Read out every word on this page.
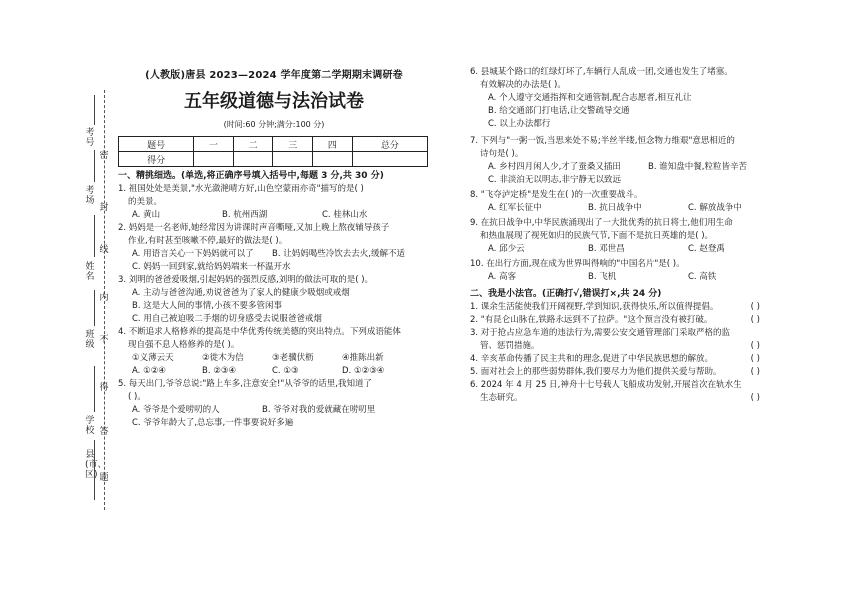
考号
考场
姓名
班级
学校
县(市、区)
密
封
线
内
不
得
答
题
(人教版)唐县 2023—2024 学年度第二学期期末调研卷
五年级道德与法治试卷
(时间:60 分钟;满分:100 分)
题号	一	二	三	四	总分
得分					
一、精挑细选。(单选,将正确序号填入括号中,每题 3 分,共 30 分)
1. 祖国处处是美景,"水光潋滟晴方好,山色空蒙雨亦奇"描写的是( )
的美景。
A. 黄山	B. 杭州西湖	C. 桂林山水
2. 妈妈是一名老师,她经常因为讲课时声音嘶哑,又加上晚上熬夜辅导孩子
作业,有时甚至咳嗽不停,最好的做法是( )。
A. 用语言关心一下妈妈就可以了 B. 让妈妈喝些冷饮去去火,缓解不适
C. 妈妈一回到家,就给妈妈端来一杯温开水
3. 刘明的爸爸爱吸烟,引起妈妈的强烈反感,刘明的做法可取的是( )。
A. 主动与爸爸沟通,劝说爸爸为了家人的健康少吸烟或戒烟
B. 这是大人间的事情,小孩不要多管闲事
C. 用自己被迫吸二手烟的切身感受去说服爸爸戒烟
4. 不断追求人格修养的提高是中华优秀传统美德的突出特点。下列成语能体
现自强不息人格修养的是( )。
①义薄云天	②徙木为信	③老骥伏枥	④推陈出新
A. ①②④	B. ②③④	C. ①③	D. ①②③④
5. 每天出门,爷爷总说:"路上车多,注意安全!"从爷爷的话里,我知道了
( )。
A. 爷爷是个爱唠叨的人	B. 爷爷对我的爱就藏在唠叨里
C. 爷爷年龄大了,总忘事,一件事要说好多遍
6. 县城某个路口的红绿灯坏了,车辆行人乱成一团,交通也发生了堵塞。
有效解决的办法是( )。
A. 个人遵守交通指挥和交通管制,配合志愿者,相互礼让
B. 给交通部门打电话,让交警疏导交通
C. 以上办法都行
7. 下列与"一粥一饭,当思来处不易;半丝半缕,恒念物力维艰"意思相近的
诗句是( )。
A. 乡村四月闲人少,才了蚕桑又插田	B. 谁知盘中餐,粒粒皆辛苦
C. 非淡泊无以明志,非宁静无以致远
8. "飞夺泸定桥"是发生在( )的一次重要战斗。
A. 红军长征中	B. 抗日战争中	C. 解放战争中
9. 在抗日战争中,中华民族涌现出了一大批优秀的抗日将士,他们用生命
和热血展现了视死如归的民族气节,下面不是抗日英雄的是( )。
A. 邱少云	B. 邓世昌	C. 赵登禹
10. 在出行方面,现在成为世界叫得响的"中国名片"是( )。
A. 高客	B. 飞机	C. 高铁
二、我是小法官。(正确打√,错误打×,共 24 分)
1. 课余生活能使我们开阔视野,学到知识,获得快乐,所以值得提倡。	( )
2. "有昆仑山脉在,铁路永远到不了拉萨。"这个预言没有被打破。	( )
3. 对于抢占应急车道的违法行为,需要公安交通管理部门采取严格的监
管、惩罚措施。	( )
4. 辛亥革命传播了民主共和的理念,促进了中华民族思想的解放。	( )
5. 面对社会上的那些弱势群体,我们要尽力为他们提供关爱与帮助。	( )
6. 2024 年 4 月 25 日,神舟十七号载人飞船成功发射,开展首次在轨水生
生态研究。	( )
